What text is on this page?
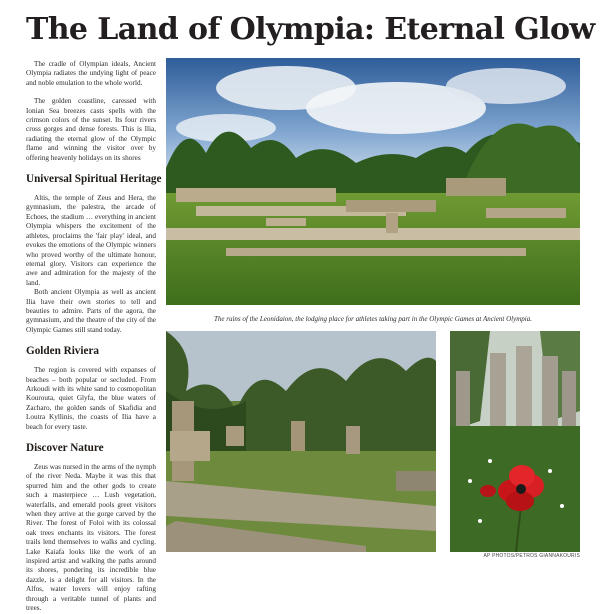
The Land of Olympia: Eternal Glow

The cradle of Olympian ideals, Ancient Olympia radiates the undying light of peace and noble emulation to the whole world.

The golden coastline, caressed with Ionian Sea breezes casts spells with the crimson colors of the sunset. Its four rivers cross gorges and dense forests. This is Ilia, radiating the eternal glow of the Olympic flame and winning the visitor over by offering heavenly holidays on its shores

Universal Spiritual Heritage

Altis, the temple of Zeus and Hera, the gymnasium, the palestra, the arcade of Echoes, the stadium … everything in ancient Olympia whispers the excitement of the athletes, proclaims the 'fair play' ideal, and evokes the emotions of the Olympic winners who proved worthy of the ultimate honour, eternal glory. Visitors can experience the awe and admiration for the majesty of the land.

Both ancient Olympia as well as ancient Ilia have their own stories to tell and beauties to admire. Parts of the agora, the gymnasium, and the theatre of the city of the Olympic Games still stand today.

Golden Riviera

The region is covered with expanses of beaches – both popular or secluded. From Arkoudi with its white sand to cosmopolitan Kourouta, quiet Glyfa, the blue waters of Zacharo, the golden sands of Skafidia and Loutra Kyllinis, the coasts of Ilia have a beach for every taste.

Discover Nature

Zeus was nursed in the arms of the nymph of the river Neda. Maybe it was this that spurred him and the other gods to create such a masterpiece … Lush vegetation, waterfalls, and emerald pools greet visitors when they arrive at the gorge carved by the River. The forest of Foloi with its colossal oak trees enchants its visitors. The forest trails lend themselves to walks and cycling. Lake Kaiafa looks like the work of an inspired artist and walking the paths around its shores, pondering its incredible blue dazzle, is a delight for all visitors. In the Alfos, water lovers will enjoy rafting through a veritable tunnel of plants and trees.

The ruins of the Leonidaion, the lodging place for athletes taking part in the Olympic Games at Ancient Olympia.
AP PHOTOS/PETROS GIANNAKOURIS
